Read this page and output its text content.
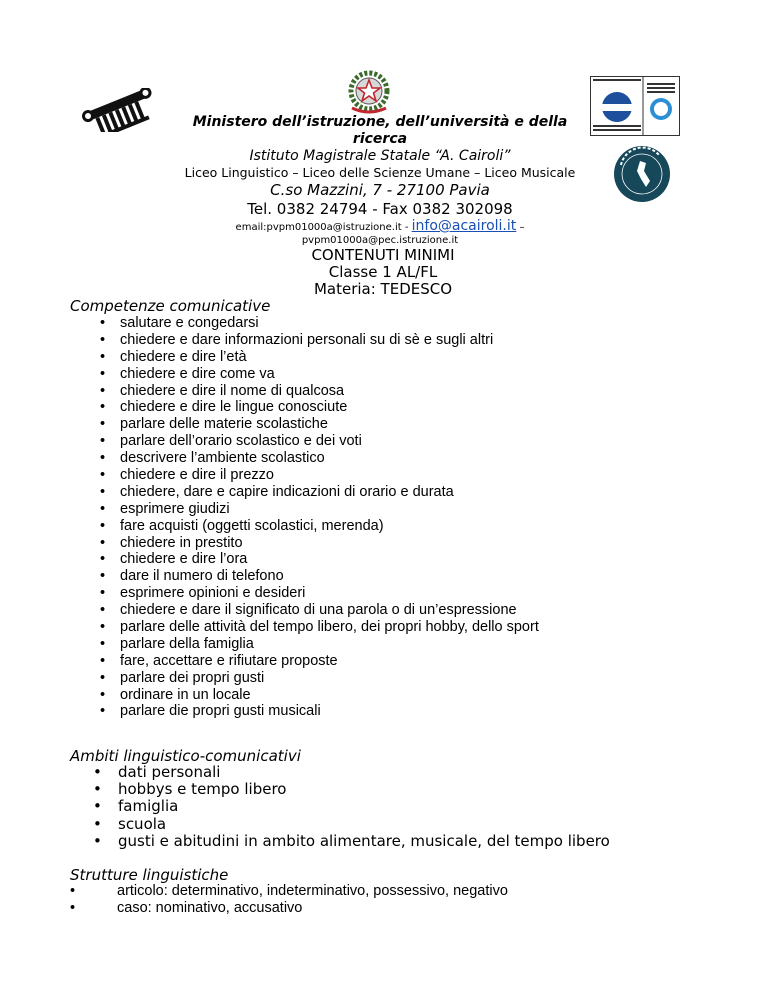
Ministero dell’istruzione, dell’università e della ricerca
Istituto Magistrale Statale “A. Cairoli”
Liceo Linguistico – Liceo delle Scienze Umane – Liceo Musicale
C.so Mazzini, 7 - 27100 Pavia
Tel. 0382 24794 - Fax 0382 302098
email:pvpm01000a@istruzione.it - info@acairoli.it –
pvpm01000a@pec.istruzione.it
CONTENUTI MINIMI
Classe 1 AL/FL
Materia: TEDESCO
Competenze comunicative
• salutare e congedarsi
• chiedere e dare informazioni personali su di sè e sugli altri
• chiedere e dire l’età
• chiedere e dire come va
• chiedere e dire il nome di qualcosa
• chiedere e dire le lingue conosciute
• parlare delle materie scolastiche
• parlare dell’orario scolastico e dei voti
• descrivere l’ambiente scolastico
• chiedere e dire il prezzo
• chiedere, dare e capire indicazioni di orario e durata
• esprimere giudizi
• fare acquisti (oggetti scolastici, merenda)
• chiedere in prestito
• chiedere e dire l’ora
• dare il numero di telefono
• esprimere opinioni e desideri
• chiedere e dare il significato di una parola o di un’espressione
• parlare delle attività del tempo libero, dei propri hobby, dello sport
• parlare della famiglia
• fare, accettare e rifiutare proposte
• parlare dei propri gusti
• ordinare in un locale
• parlare die propri gusti musicali
Ambiti linguistico-comunicativi
• dati personali
• hobbys e tempo libero
• famiglia
• scuola
• gusti e abitudini in ambito alimentare, musicale, del tempo libero
Strutture linguistiche
• articolo: determinativo, indeterminativo, possessivo, negativo
• caso: nominativo, accusativo
